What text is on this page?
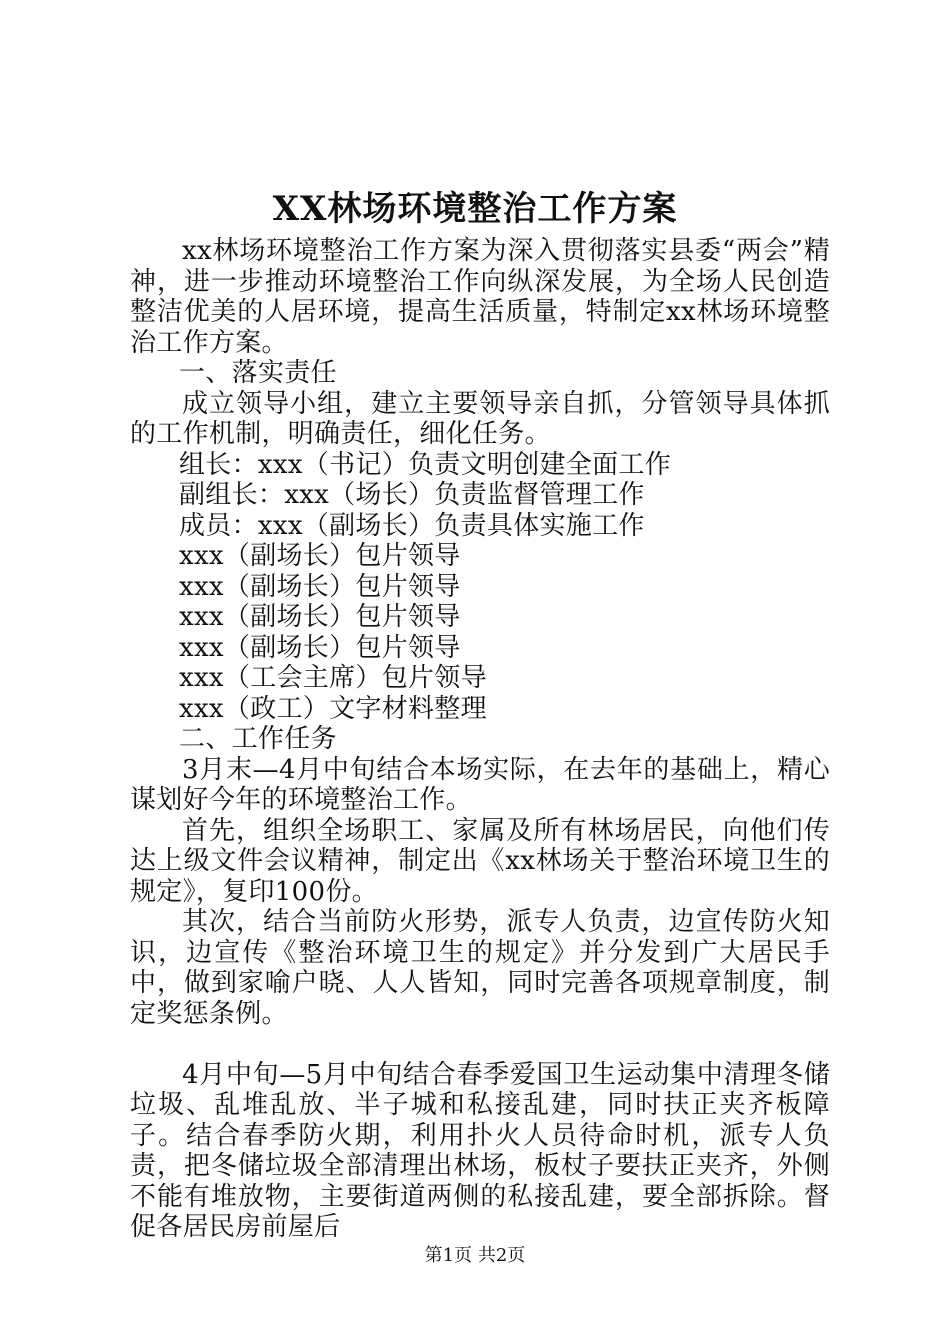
XX林场环境整治工作方案

xx林场环境整治工作方案为深入贯彻落实县委“两会”精神，进一步推动环境整治工作向纵深发展，为全场人民创造整洁优美的人居环境，提高生活质量，特制定xx林场环境整治工作方案。

一、落实责任

成立领导小组，建立主要领导亲自抓，分管领导具体抓的工作机制，明确责任，细化任务。

组长：xxx（书记）负责文明创建全面工作

副组长：xxx（场长）负责监督管理工作

成员：xxx（副场长）负责具体实施工作

xxx（副场长）包片领导

xxx（副场长）包片领导

xxx（副场长）包片领导

xxx（副场长）包片领导

xxx（工会主席）包片领导

xxx（政工）文字材料整理

二、工作任务

3月末—4月中旬结合本场实际，在去年的基础上，精心谋划好今年的环境整治工作。

首先，组织全场职工、家属及所有林场居民，向他们传达上级文件会议精神，制定出《xx林场关于整治环境卫生的规定》，复印100份。

其次，结合当前防火形势，派专人负责，边宣传防火知识，边宣传《整治环境卫生的规定》并分发到广大居民手中，做到家喻户晓、人人皆知，同时完善各项规章制度，制定奖惩条例。

4月中旬—5月中旬结合春季爱国卫生运动集中清理冬储垃圾、乱堆乱放、半子城和私接乱建，同时扶正夹齐板障子。结合春季防火期，利用扑火人员待命时机，派专人负责，把冬储垃圾全部清理出林场，板杖子要扶正夹齐，外侧不能有堆放物，主要街道两侧的私接乱建，要全部拆除。督促各居民房前屋后

第1页 共2页
